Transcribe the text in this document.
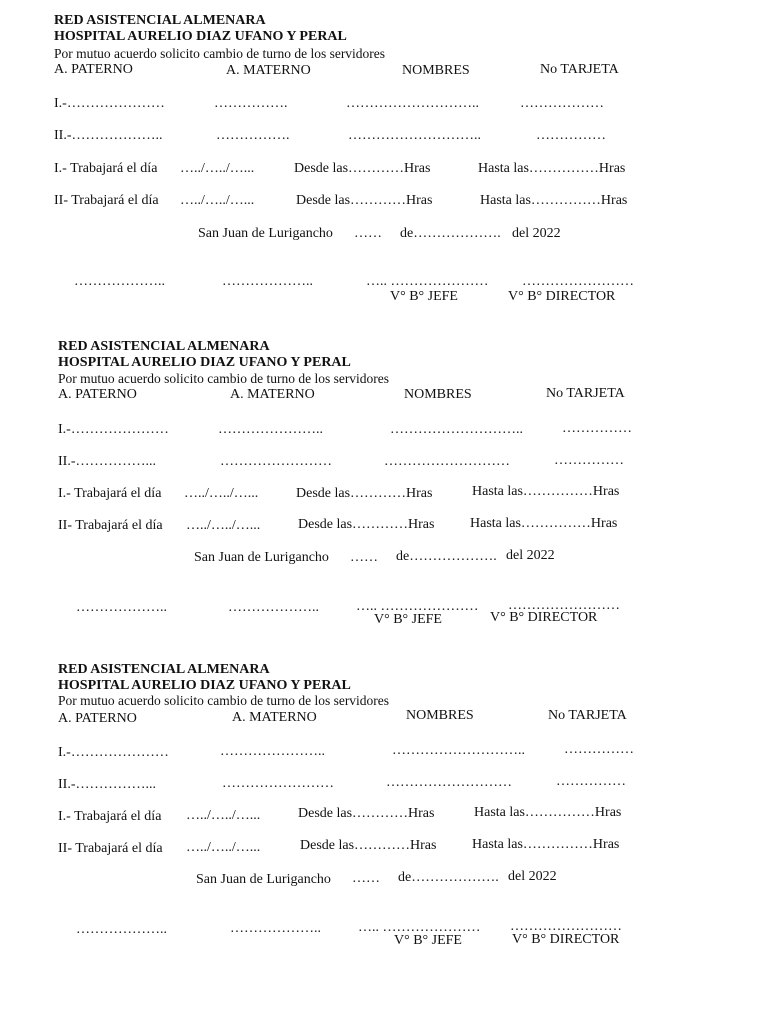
RED ASISTENCIAL ALMENARA
HOSPITAL AURELIO DIAZ UFANO Y PERAL
Por mutuo acuerdo solicito cambio de turno de los servidores
A. PATERNO	A. MATERNO	NOMBRES	No TARJETA
I.-…………………	…………….	………………………..	………………
II.-………………..	…………….	………………………..	……………
I.- Trabajará el día …../…../…...	Desde las…………Hras	Hasta las……………Hras
II- Trabajará el día …../…../…...	Desde las…………Hras	Hasta las……………Hras
San Juan de Lurigancho …… de………………. del 2022
………………..	………………..	….. ………………… ……………………
V° B° JEFE	V° B° DIRECTOR
RED ASISTENCIAL ALMENARA
HOSPITAL AURELIO DIAZ UFANO Y PERAL
Por mutuo acuerdo solicito cambio de turno de los servidores
A. PATERNO	A. MATERNO	NOMBRES	No TARJETA
I.-…………………	…………………..	………………………..	……………
II.-……………...	……………………	………………………	……………
I.- Trabajará el día …../…../…...	Desde las…………Hras	Hasta las……………Hras
II- Trabajará el día …../…../…...	Desde las…………Hras	Hasta las……………Hras
San Juan de Lurigancho …… de………………. del 2022
………………..	………………..	….. ………………… ……………………
V° B° JEFE	V° B° DIRECTOR
RED ASISTENCIAL ALMENARA
HOSPITAL AURELIO DIAZ UFANO Y PERAL
Por mutuo acuerdo solicito cambio de turno de los servidores
A. PATERNO	A. MATERNO	NOMBRES	No TARJETA
I.-…………………	…………………..	………………………..	……………
II.-……………...	……………………	………………………	……………
I.- Trabajará el día …../…../…...	Desde las…………Hras	Hasta las……………Hras
II- Trabajará el día …../…../…...	Desde las…………Hras	Hasta las……………Hras
San Juan de Lurigancho …… de………………. del 2022
………………..	………………..	….. ………………… ……………………
V° B° JEFE	V° B° DIRECTOR
